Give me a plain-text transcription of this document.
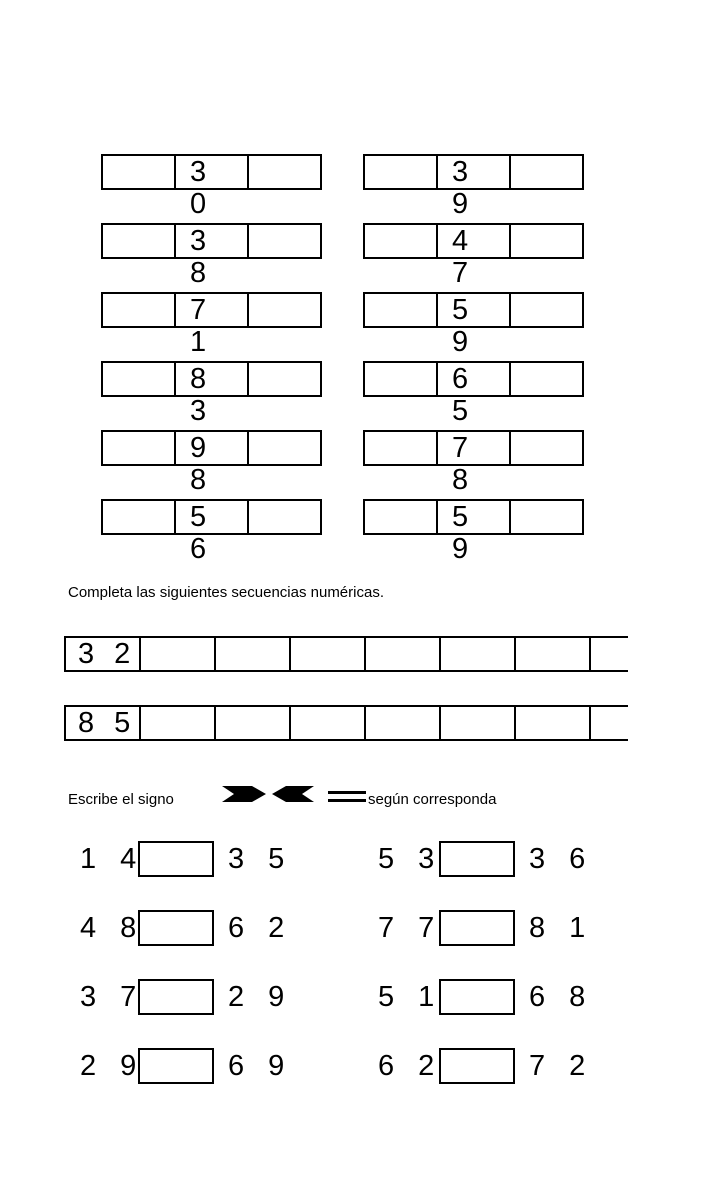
3 0
3 9
3 8
4 7
7 1
5 9
8 3
6 5
9 8
7 8
5 6
5 9
Completa las siguientes secuencias numéricas.
3 2
8 5
Escribe el signo	según corresponda
1 4	3 5	5 3	3 6
4 8	6 2	7 7	8 1
3 7	2 9	5 1	6 8
2 9	6 9	6 2	7 2
